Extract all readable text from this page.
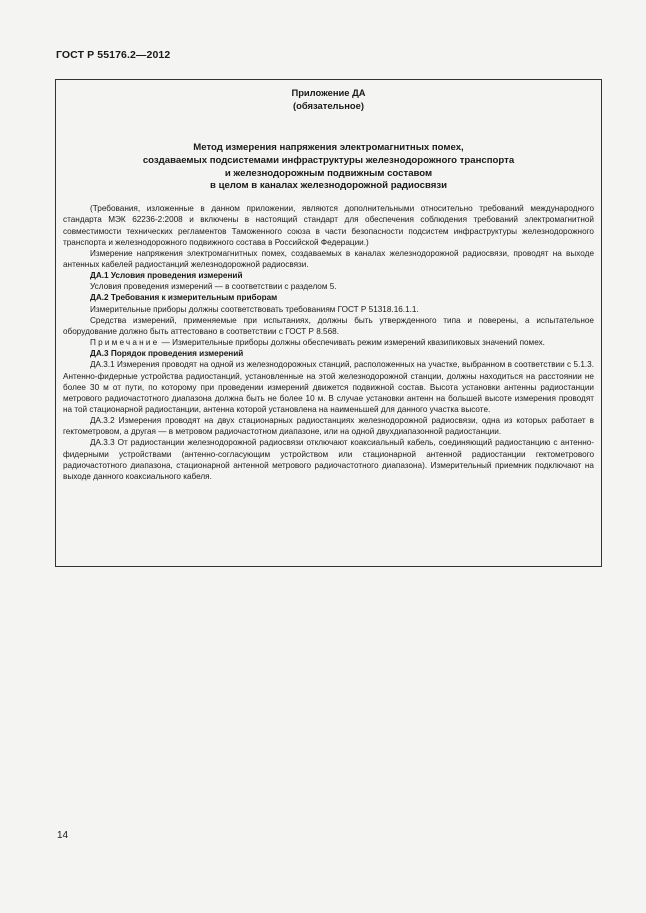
ГОСТ Р 55176.2—2012
Приложение ДА
(обязательное)
Метод измерения напряжения электромагнитных помех,
создаваемых подсистемами инфраструктуры железнодорожного транспорта
и железнодорожным подвижным составом
в целом в каналах железнодорожной радиосвязи

(Требования, изложенные в данном приложении, являются дополнительными относительно требований международного стандарта МЭК 62236-2:2008 и включены в настоящий стандарт для обеспечения соблюдения требований электромагнитной совместимости технических регламентов Таможенного союза в части безопасности подсистем инфраструктуры железнодорожного транспорта и железнодорожного подвижного состава в Российской Федерации.)

Измерение напряжения электромагнитных помех, создаваемых в каналах железнодорожной радиосвязи, проводят на выходе антенных кабелей радиостанций железнодорожной радиосвязи.

ДА.1 Условия проведения измерений

Условия проведения измерений — в соответствии с разделом 5.

ДА.2 Требования к измерительным приборам

Измерительные приборы должны соответствовать требованиям ГОСТ Р 51318.16.1.1.

Средства измерений, применяемые при испытаниях, должны быть утвержденного типа и поверены, а испытательное оборудование должно быть аттестовано в соответствии с ГОСТ Р 8.568.

Примечание — Измерительные приборы должны обеспечивать режим измерений квазипиковых значений помех.

ДА.3 Порядок проведения измерений

ДА.3.1 Измерения проводят на одной из железнодорожных станций, расположенных на участке, выбранном в соответствии с 5.1.3. Антенно-фидерные устройства радиостанций, установленные на этой железнодорожной станции, должны находиться на расстоянии не более 30 м от пути, по которому при проведении измерений движется подвижной состав. Высота установки антенны радиостанции метрового радиочастотного диапазона должна быть не более 10 м. В случае установки антенн на большей высоте измерения проводят на той стационарной радиостанции, антенна которой установлена на наименьшей для данного участка высоте.

ДА.3.2 Измерения проводят на двух стационарных радиостанциях железнодорожной радиосвязи, одна из которых работает в гектометровом, а другая — в метровом радиочастотном диапазоне, или на одной двухдиапазонной радиостанции.

ДА.3.3 От радиостанции железнодорожной радиосвязи отключают коаксиальный кабель, соединяющий радиостанцию с антенно-фидерными устройствами (антенно-согласующим устройством или стационарной антенной радиостанции гектометрового радиочастотного диапазона, стационарной антенной метрового радиочастотного диапазона). Измерительный приемник подключают на выходе данного коаксиального кабеля.

14
